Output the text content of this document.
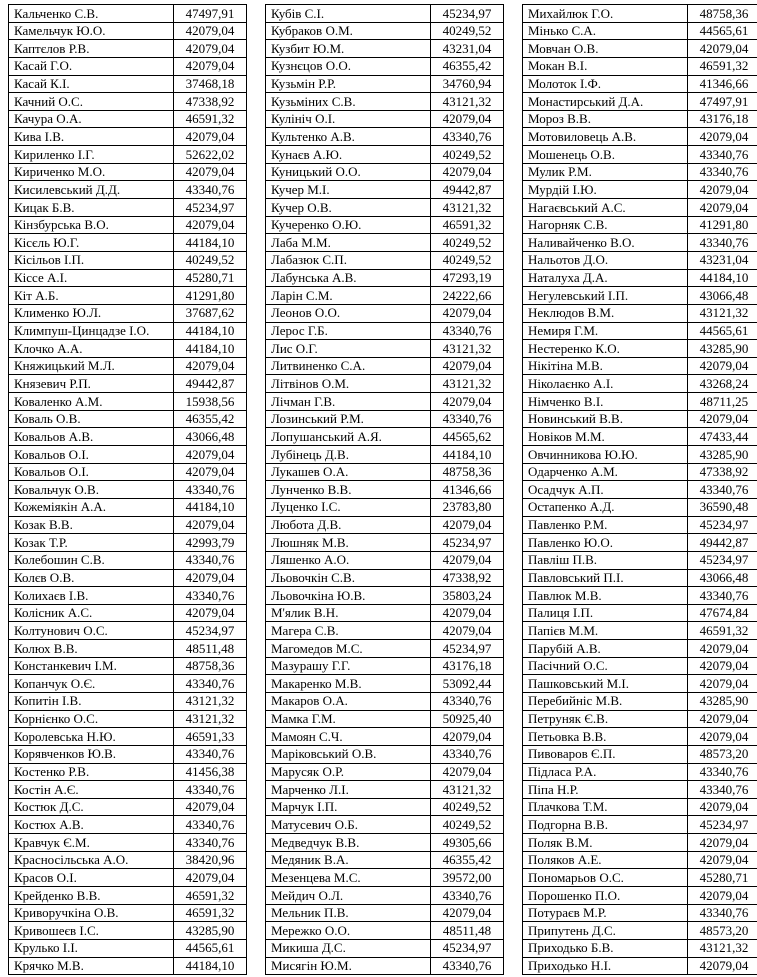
Кальченко С.В.	47497,91
Камельчук Ю.О.	42079,04
Каптєлов Р.В.	42079,04
Касай Г.О.	42079,04
Касай К.І.	37468,18
Качний О.С.	47338,92
Качура О.А.	46591,32
Кива І.В.	42079,04
Кириленко І.Г.	52622,02
Кириченко М.О.	42079,04
Кисилевський Д.Д.	43340,76
Кицак Б.В.	45234,97
Кінзбурська В.О.	42079,04
Кісєль Ю.Г.	44184,10
Кісільов І.П.	40249,52
Кіссе А.І.	45280,71
Кіт А.Б.	41291,80
Клименко Ю.Л.	37687,62
Климпуш-Цинцадзе І.О.	44184,10
Клочко А.А.	44184,10
Княжицький М.Л.	42079,04
Князевич Р.П.	49442,87
Коваленко А.М.	15938,56
Коваль О.В.	46355,42
Ковальов А.В.	43066,48
Ковальов О.І.	42079,04
Ковальов О.І.	42079,04
Ковальчук О.В.	43340,76
Кожеміякін А.А.	44184,10
Козак В.В.	42079,04
Козак Т.Р.	42993,79
Колебошин С.В.	43340,76
Колєв О.В.	42079,04
Колихаєв І.В.	43340,76
Колісник А.С.	42079,04
Колтунович О.С.	45234,97
Колюх В.В.	48511,48
Констанкевич І.М.	48758,36
Копанчук О.Є.	43340,76
Копитін І.В.	43121,32
Корнієнко О.С.	43121,32
Королевська Н.Ю.	46591,33
Корявченков Ю.В.	43340,76
Костенко Р.В.	41456,38
Костін А.Є.	43340,76
Костюк Д.С.	42079,04
Костюх А.В.	43340,76
Кравчук Є.М.	43340,76
Красносільська А.О.	38420,96
Красов О.І.	42079,04
Крейденко В.В.	46591,32
Криворучкіна О.В.	46591,32
Кривошеєв І.С.	43285,90
Крулько І.І.	44565,61
Крячко М.В.	44184,10
Кубів С.І.	45234,97
Кубраков О.М.	40249,52
Кузбит Ю.М.	43231,04
Кузнєцов О.О.	46355,42
Кузьмін Р.Р.	34760,94
Кузьміних С.В.	43121,32
Кулініч О.І.	42079,04
Культенко А.В.	43340,76
Кунаєв А.Ю.	40249,52
Куницький О.О.	42079,04
Кучер М.І.	49442,87
Кучер О.В.	43121,32
Кучеренко О.Ю.	46591,32
Лаба М.М.	40249,52
Лабазюк С.П.	40249,52
Лабунська А.В.	47293,19
Ларін С.М.	24222,66
Леонов О.О.	42079,04
Лерос Г.Б.	43340,76
Лис О.Г.	43121,32
Литвиненко С.А.	42079,04
Літвінов О.М.	43121,32
Лічман Г.В.	42079,04
Лозинський Р.М.	43340,76
Лопушанський А.Я.	44565,62
Лубінець Д.В.	44184,10
Лукашев О.А.	48758,36
Лунченко В.В.	41346,66
Луценко І.С.	23783,80
Любота Д.В.	42079,04
Люшняк М.В.	45234,97
Ляшенко А.О.	42079,04
Льовочкін С.В.	47338,92
Льовочкіна Ю.В.	35803,24
М'ялик В.Н.	42079,04
Магера С.В.	42079,04
Магомедов М.С.	45234,97
Мазурашу Г.Г.	43176,18
Макаренко М.В.	53092,44
Макаров О.А.	43340,76
Мамка Г.М.	50925,40
Мамоян С.Ч.	42079,04
Маріковський О.В.	43340,76
Марусяк О.Р.	42079,04
Марченко Л.І.	43121,32
Марчук І.П.	40249,52
Матусевич О.Б.	40249,52
Медведчук В.В.	49305,66
Медяник В.А.	46355,42
Мезенцева М.С.	39572,00
Мейдич О.Л.	43340,76
Мельник П.В.	42079,04
Мережко О.О.	48511,48
Микиша Д.С.	45234,97
Мисягін Ю.М.	43340,76
Михайлюк Г.О.	48758,36
Мінько С.А.	44565,61
Мовчан О.В.	42079,04
Мокан В.І.	46591,32
Молоток І.Ф.	41346,66
Монастирський Д.А.	47497,91
Мороз В.В.	43176,18
Мотовиловець А.В.	42079,04
Мошенець О.В.	43340,76
Мулик Р.М.	43340,76
Мурдій І.Ю.	42079,04
Нагаєвський А.С.	42079,04
Нагорняк С.В.	41291,80
Наливайченко В.О.	43340,76
Нальотов Д.О.	43231,04
Наталуха Д.А.	44184,10
Негулевський І.П.	43066,48
Неклюдов В.М.	43121,32
Немиря Г.М.	44565,61
Нестеренко К.О.	43285,90
Нікітіна М.В.	42079,04
Ніколаєнко А.І.	43268,24
Німченко В.І.	48711,25
Новинський В.В.	42079,04
Новіков М.М.	47433,44
Овчинникова Ю.Ю.	43285,90
Одарченко А.М.	47338,92
Осадчук А.П.	43340,76
Остапенко А.Д.	36590,48
Павленко Р.М.	45234,97
Павленко Ю.О.	49442,87
Павліш П.В.	45234,97
Павловський П.І.	43066,48
Павлюк М.В.	43340,76
Палиця І.П.	47674,84
Папієв М.М.	46591,32
Парубій А.В.	42079,04
Пасічний О.С.	42079,04
Пашковський М.І.	42079,04
Перебийніс М.В.	43285,90
Петруняк Є.В.	42079,04
Петьовка В.В.	42079,04
Пивоваров Є.П.	48573,20
Підласа Р.А.	43340,76
Піпа Н.Р.	43340,76
Плачкова Т.М.	42079,04
Подгорна В.В.	45234,97
Поляк В.М.	42079,04
Поляков А.Е.	42079,04
Пономарьов О.С.	45280,71
Порошенко П.О.	42079,04
Потураєв М.Р.	43340,76
Припутень Д.С.	48573,20
Приходько Б.В.	43121,32
Приходько Н.І.	42079,04
